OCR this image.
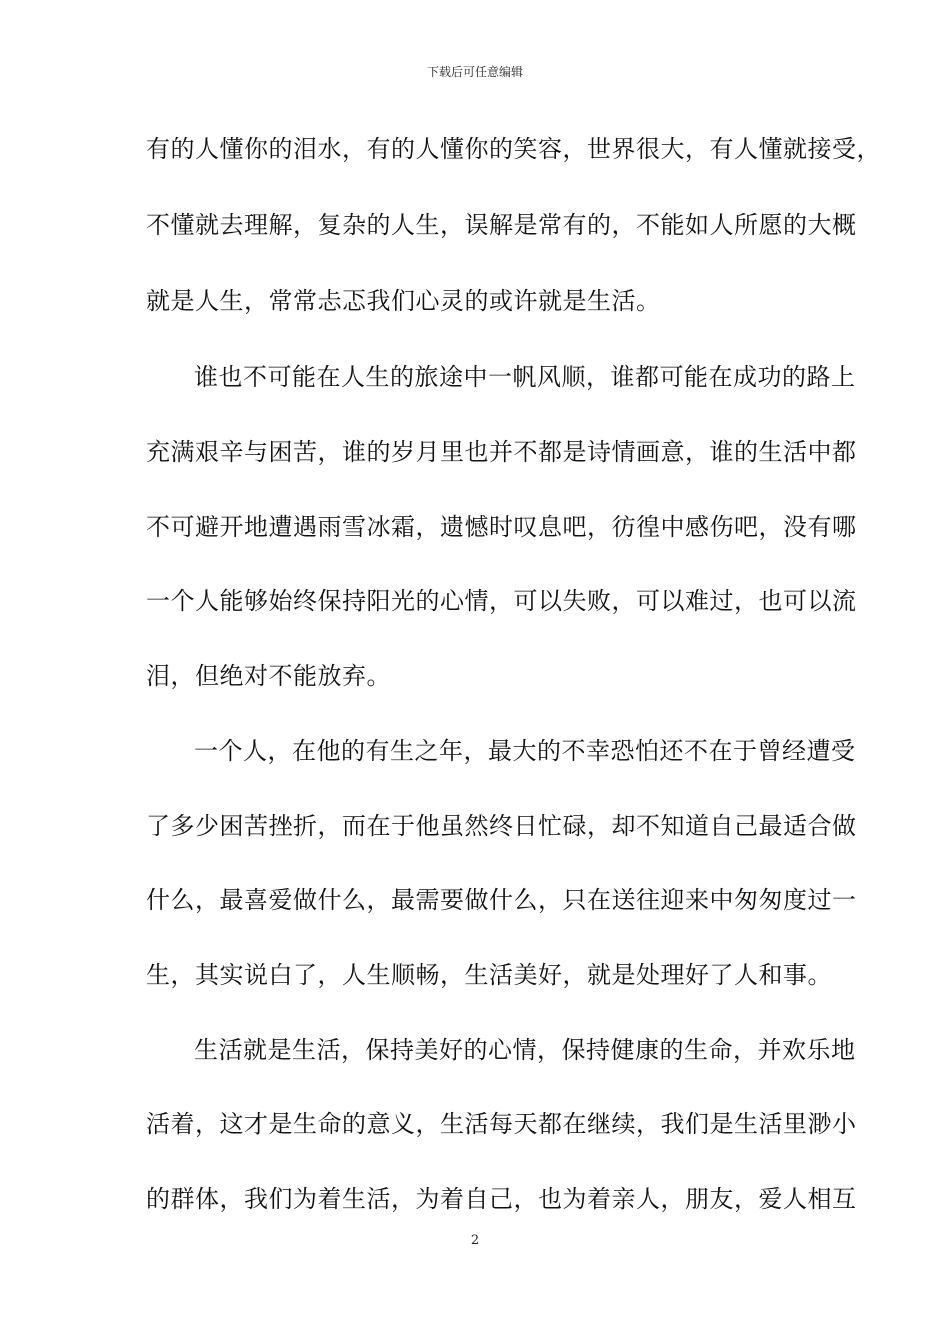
下载后可任意编辑
有的人懂你的泪水，有的人懂你的笑容，世界很大，有人懂就接受，
不懂就去理解，复杂的人生，误解是常有的，不能如人所愿的大概
就是人生，常常忐忑我们心灵的或许就是生活。
谁也不可能在人生的旅途中一帆风顺，谁都可能在成功的路上
充满艰辛与困苦，谁的岁月里也并不都是诗情画意，谁的生活中都
不可避开地遭遇雨雪冰霜，遗憾时叹息吧，彷徨中感伤吧，没有哪
一个人能够始终保持阳光的心情，可以失败，可以难过，也可以流
泪，但绝对不能放弃。
一个人，在他的有生之年，最大的不幸恐怕还不在于曾经遭受
了多少困苦挫折，而在于他虽然终日忙碌，却不知道自己最适合做
什么，最喜爱做什么，最需要做什么，只在送往迎来中匆匆度过一
生，其实说白了，人生顺畅，生活美好，就是处理好了人和事。
生活就是生活，保持美好的心情，保持健康的生命，并欢乐地
活着，这才是生命的意义，生活每天都在继续，我们是生活里渺小
的群体，我们为着生活，为着自己，也为着亲人，朋友，爱人相互
2
